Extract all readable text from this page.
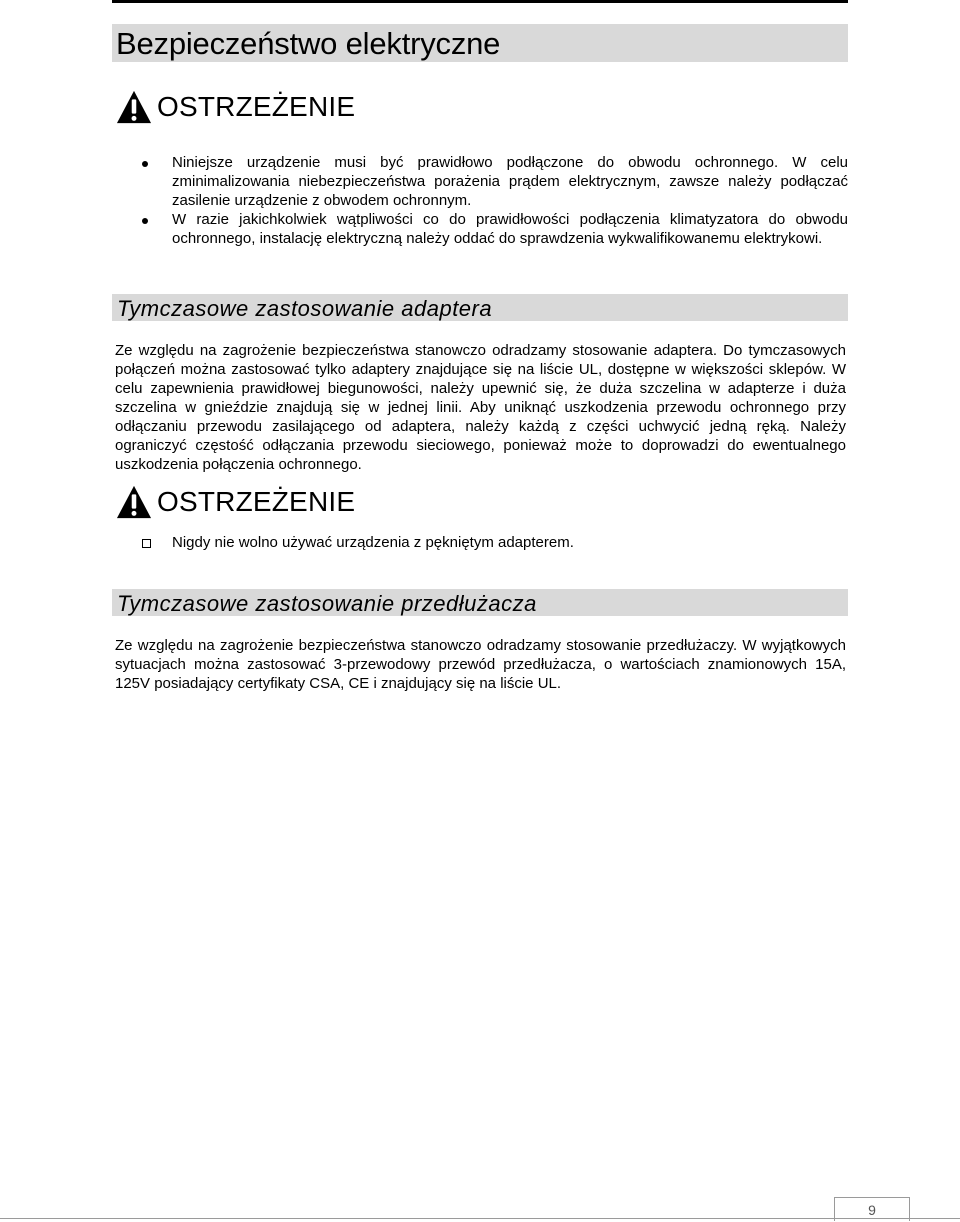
Bezpieczeństwo elektryczne
OSTRZEŻENIE
Niniejsze urządzenie musi być prawidłowo podłączone do obwodu ochronnego. W celu zminimalizowania niebezpieczeństwa porażenia prądem elektrycznym, zawsze należy podłączać zasilenie urządzenie z obwodem ochronnym.
W razie jakichkolwiek wątpliwości co do prawidłowości podłączenia klimatyzatora do obwodu ochronnego, instalację elektryczną należy oddać do sprawdzenia wykwalifikowanemu elektrykowi.
Tymczasowe zastosowanie adaptera

Ze względu na zagrożenie bezpieczeństwa stanowczo odradzamy stosowanie adaptera. Do tymczasowych połączeń można zastosować tylko adaptery znajdujące się na liście UL, dostępne w większości sklepów. W celu zapewnienia prawidłowej biegunowości, należy upewnić się, że duża szczelina w adapterze i duża szczelina w gnieździe znajdują się w jednej linii. Aby uniknąć uszkodzenia przewodu ochronnego przy odłączaniu przewodu zasilającego od adaptera, należy każdą z części uchwycić jedną ręką. Należy ograniczyć częstość odłączania przewodu sieciowego, ponieważ może to doprowadzi do ewentualnego uszkodzenia połączenia ochronnego.

OSTRZEŻENIE
Nigdy nie wolno używać urządzenia z pękniętym adapterem.
Tymczasowe zastosowanie przedłużacza

Ze względu na zagrożenie bezpieczeństwa stanowczo odradzamy stosowanie przedłużaczy. W wyjątkowych sytuacjach można zastosować 3-przewodowy przewód przedłużacza, o wartościach znamionowych 15A, 125V posiadający certyfikaty CSA, CE i znajdujący się na liście UL.

9
